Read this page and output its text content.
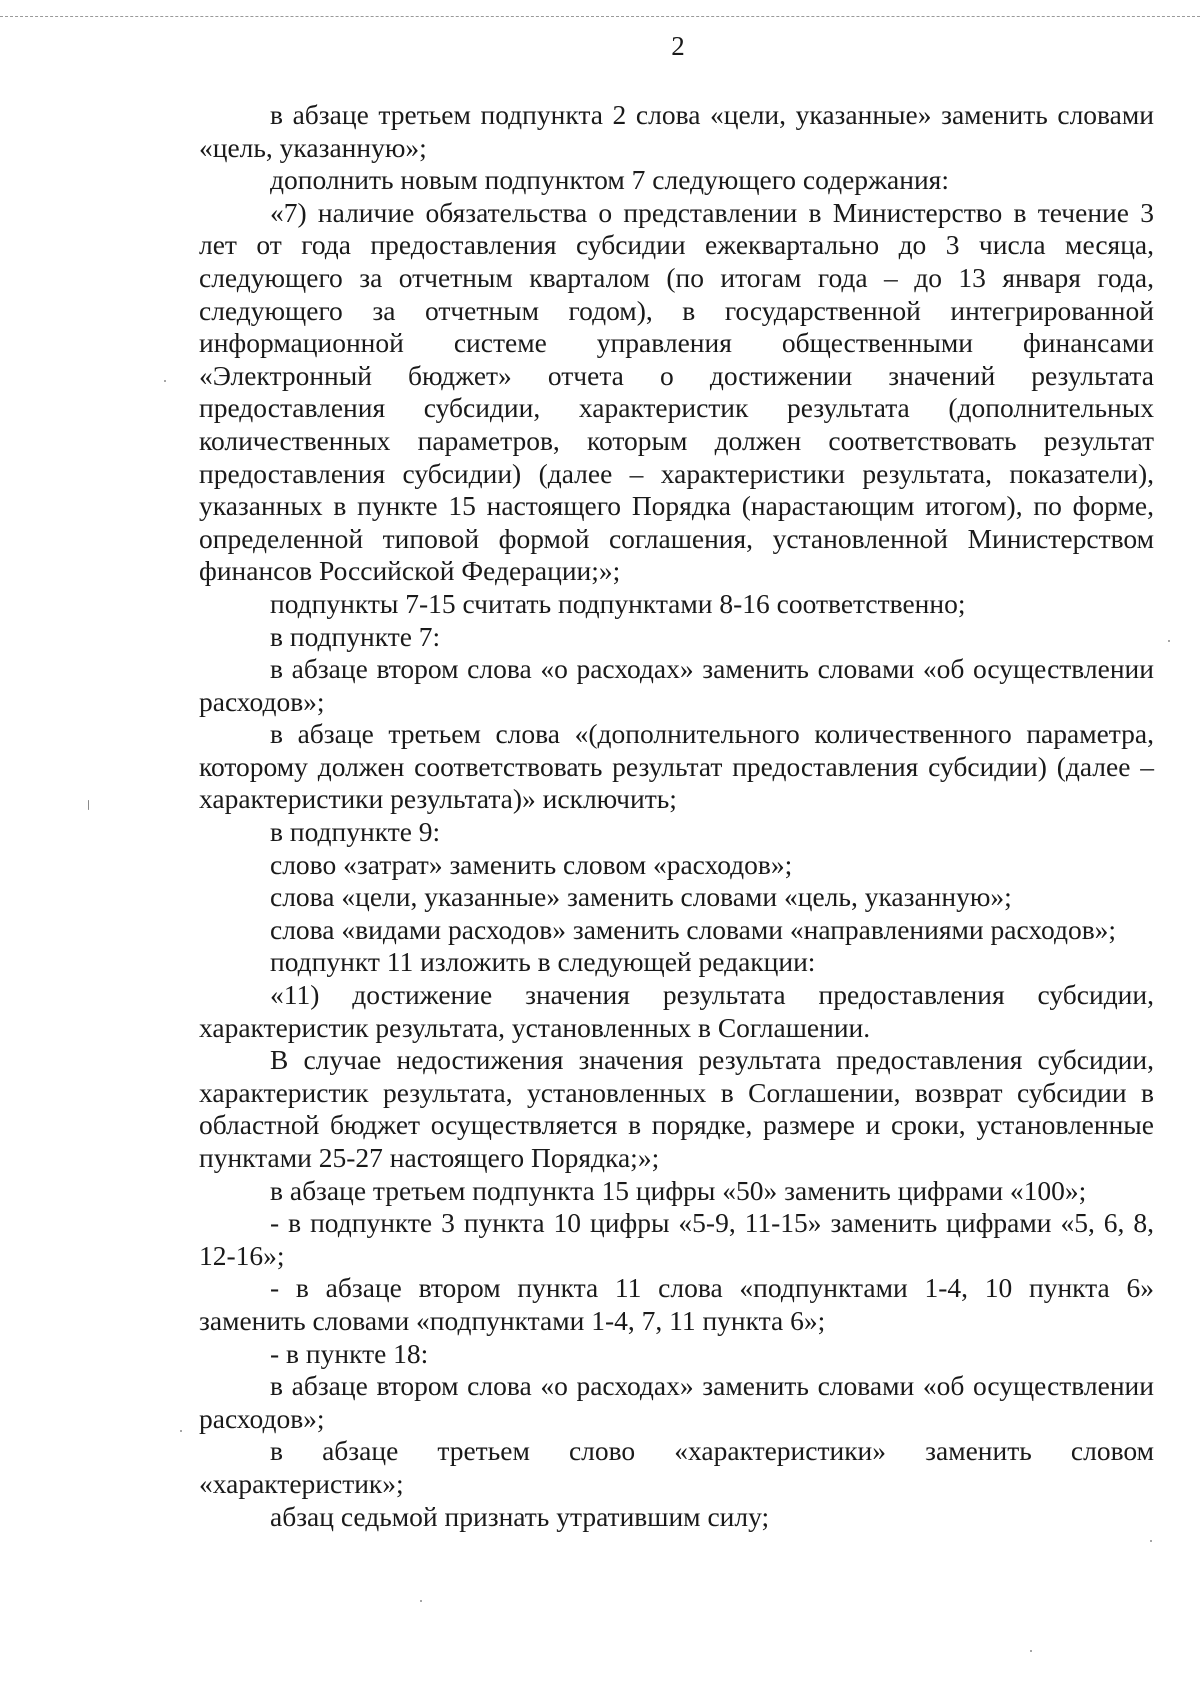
2

в абзаце третьем подпункта 2 слова «цели, указанные» заменить словами «цель, указанную»;

дополнить новым подпунктом 7 следующего содержания:

«7) наличие обязательства о представлении в Министерство в течение 3 лет от года предоставления субсидии ежеквартально до 3 числа месяца, следующего за отчетным кварталом (по итогам года – до 13 января года, следующего за отчетным годом), в государственной интегрированной информационной системе управления общественными финансами «Электронный бюджет» отчета о достижении значений результата предоставления субсидии, характеристик результата (дополнительных количественных параметров, которым должен соответствовать результат предоставления субсидии) (далее – характеристики результата, показатели), указанных в пункте 15 настоящего Порядка (нарастающим итогом), по форме, определенной типовой формой соглашения, установленной Министерством финансов Российской Федерации;»;

подпункты 7-15 считать подпунктами 8-16 соответственно;

в подпункте 7:

в абзаце втором слова «о расходах» заменить словами «об осуществлении расходов»;

в абзаце третьем слова «(дополнительного количественного параметра, которому должен соответствовать результат предоставления субсидии) (далее – характеристики результата)» исключить;

в подпункте 9:

слово «затрат» заменить словом «расходов»;

слова «цели, указанные» заменить словами «цель, указанную»;

слова «видами расходов» заменить словами «направлениями расходов»;

подпункт 11 изложить в следующей редакции:

«11) достижение значения результата предоставления субсидии, характеристик результата, установленных в Соглашении.

В случае недостижения значения результата предоставления субсидии, характеристик результата, установленных в Соглашении, возврат субсидии в областной бюджет осуществляется в порядке, размере и сроки, установленные пунктами 25-27 настоящего Порядка;»;

в абзаце третьем подпункта 15 цифры «50» заменить цифрами «100»;

- в подпункте 3 пункта 10 цифры «5-9, 11-15» заменить цифрами «5, 6, 8, 12-16»;

- в абзаце втором пункта 11 слова «подпунктами 1-4, 10 пункта 6» заменить словами «подпунктами 1-4, 7, 11 пункта 6»;

- в пункте 18:

в абзаце втором слова «о расходах» заменить словами «об осуществлении расходов»;

в абзаце третьем слово «характеристики» заменить словом «характеристик»;

абзац седьмой признать утратившим силу;
